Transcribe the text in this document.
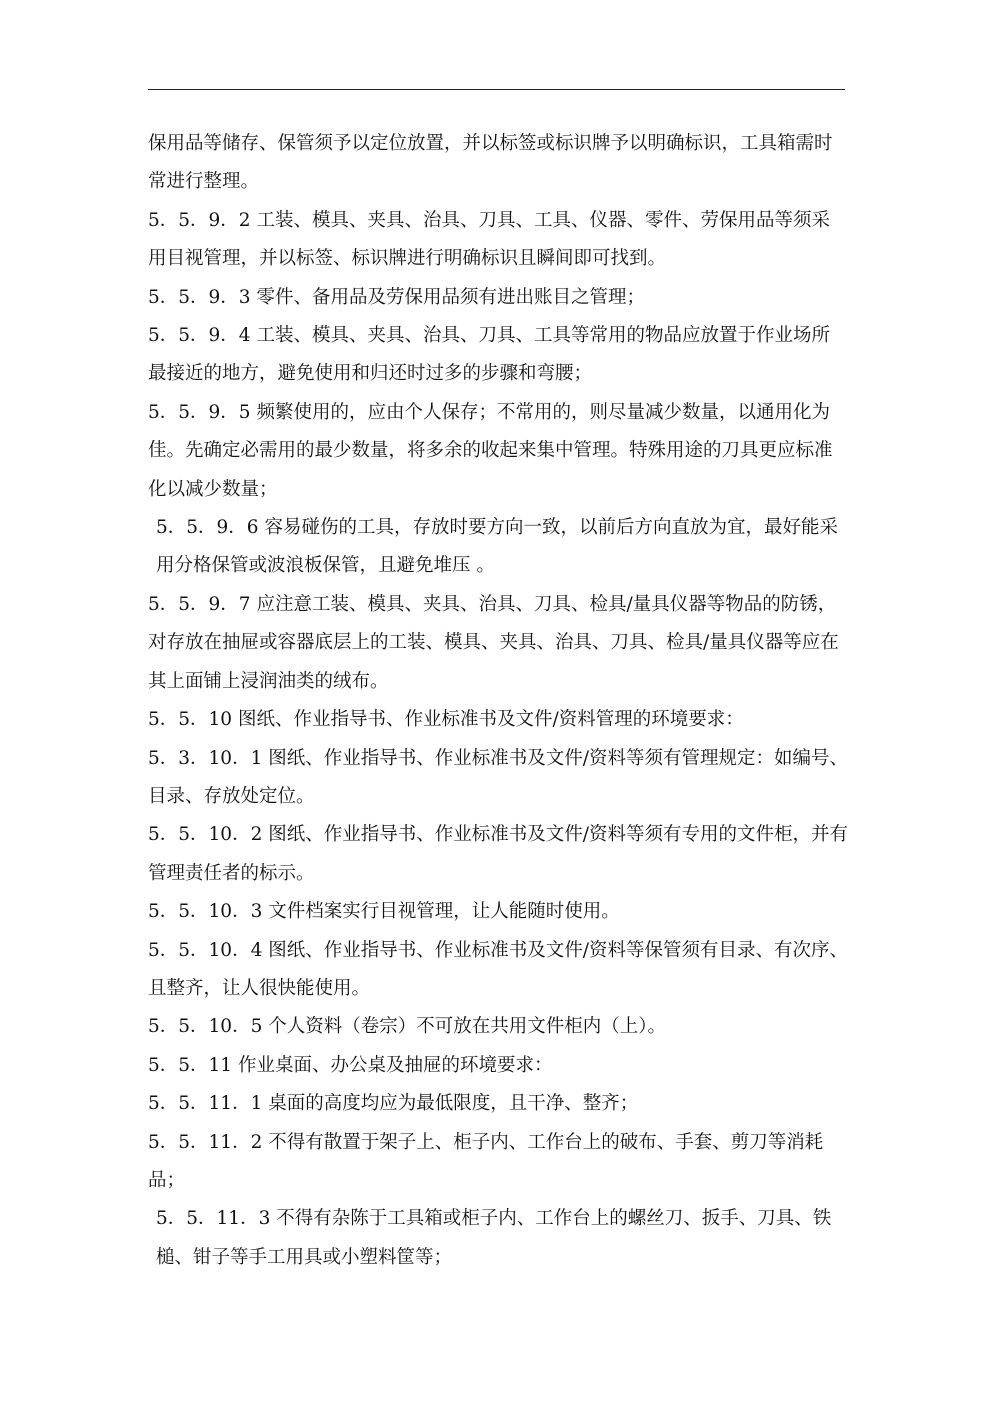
保用品等储存、保管须予以定位放置，并以标签或标识牌予以明确标识，工具箱需时常进行整理。

5．5．9．2 工装、模具、夹具、治具、刀具、工具、仪器、零件、劳保用品等须采用目视管理，并以标签、标识牌进行明确标识且瞬间即可找到。

5．5．9．3 零件、备用品及劳保用品须有进出账目之管理；

5．5．9．4 工装、模具、夹具、治具、刀具、工具等常用的物品应放置于作业场所最接近的地方，避免使用和归还时过多的步骤和弯腰；

5．5．9．5 频繁使用的，应由个人保存；不常用的，则尽量减少数量，以通用化为佳。先确定必需用的最少数量，将多余的收起来集中管理。特殊用途的刀具更应标准化以减少数量；

5．5．9．6 容易碰伤的工具，存放时要方向一致，以前后方向直放为宜，最好能采用分格保管或波浪板保管，且避免堆压 。

5．5．9．7 应注意工装、模具、夹具、治具、刀具、检具/量具仪器等物品的防锈，对存放在抽屉或容器底层上的工装、模具、夹具、治具、刀具、检具/量具仪器等应在其上面铺上浸润油类的绒布。

5．5．10 图纸、作业指导书、作业标准书及文件/资料管理的环境要求：

5．3．10．1 图纸、作业指导书、作业标准书及文件/资料等须有管理规定：如编号、目录、存放处定位。

5．5．10．2 图纸、作业指导书、作业标准书及文件/资料等须有专用的文件柜，并有管理责任者的标示。

5．5．10．3 文件档案实行目视管理，让人能随时使用。

5．5．10．4 图纸、作业指导书、作业标准书及文件/资料等保管须有目录、有次序、且整齐，让人很快能使用。

5．5．10．5 个人资料（卷宗）不可放在共用文件柜内（上）。

5．5．11 作业桌面、办公桌及抽屉的环境要求：

5．5．11．1 桌面的高度均应为最低限度，且干净、整齐；

5．5．11．2 不得有散置于架子上、柜子内、工作台上的破布、手套、剪刀等消耗品；

5．5．11．3 不得有杂陈于工具箱或柜子内、工作台上的螺丝刀、扳手、刀具、铁槌、钳子等手工用具或小塑料筐等；
